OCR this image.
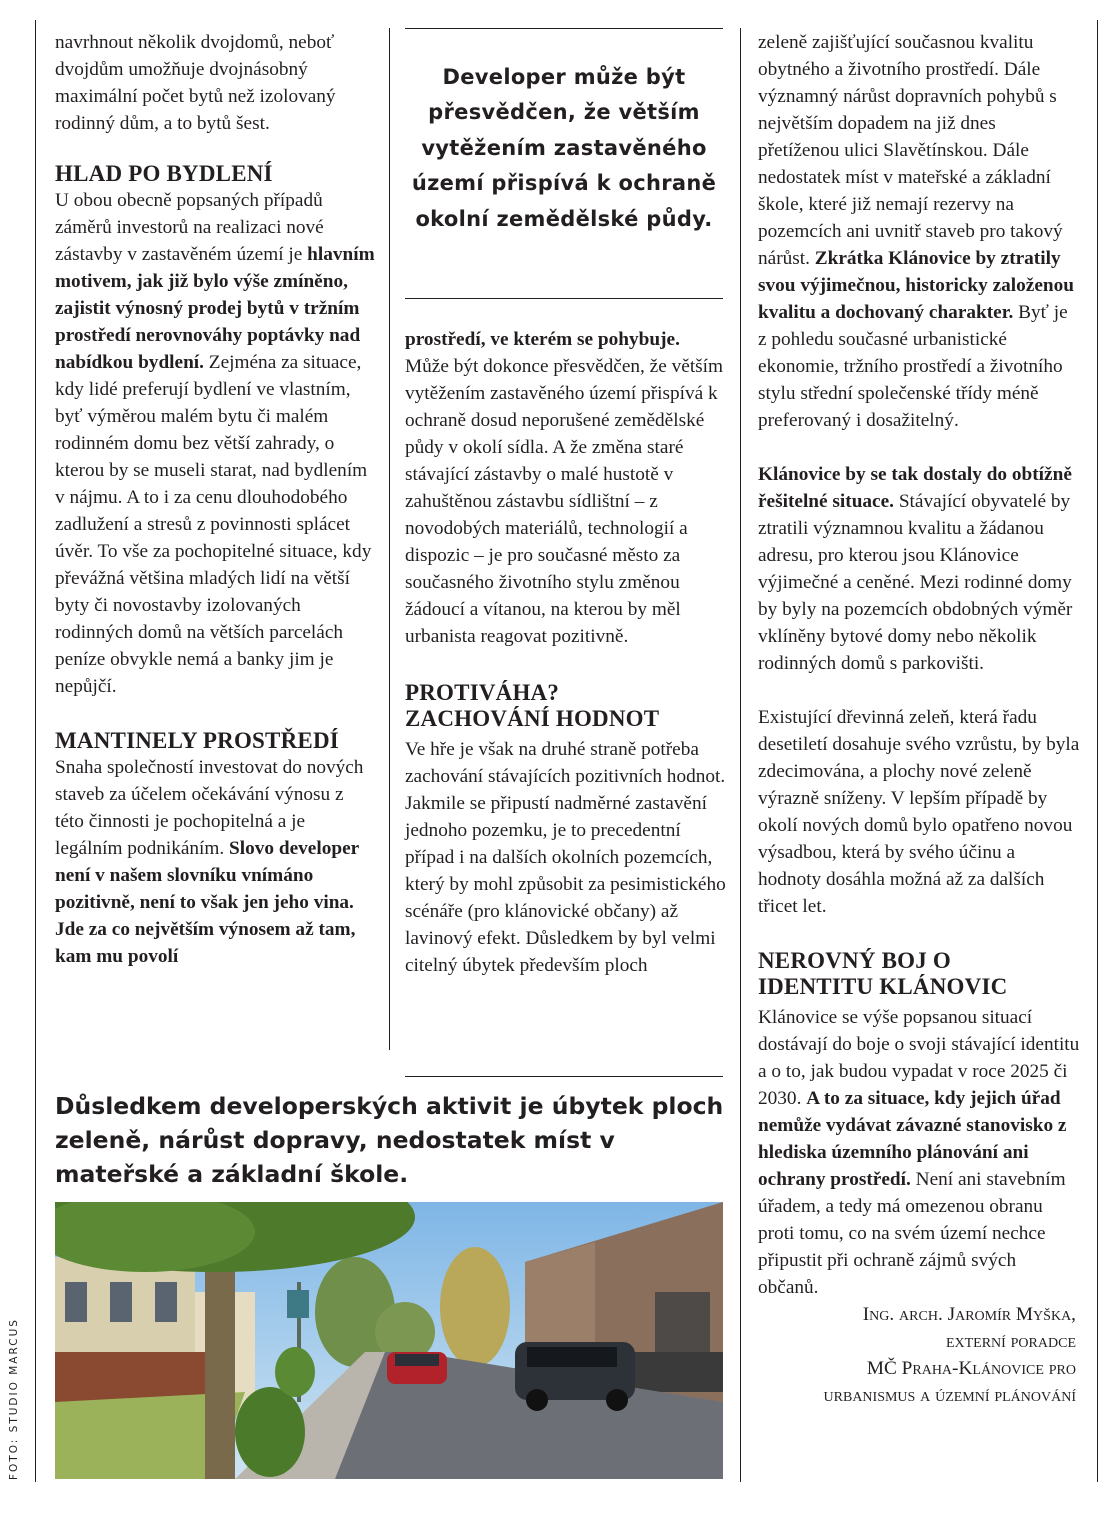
navrhnout několik dvojdomů, neboť dvojdům umožňuje dvojnásobný maximální počet bytů než izolovaný rodinný dům, a to bytů šest.

HLAD PO BYDLENÍ

U obou obecně popsaných případů záměrů investorů na realizaci nové zástavby v zastavěném území je hlavním motivem, jak již bylo výše zmíněno, zajistit výnosný prodej bytů v tržním prostředí nerovnováhy poptávky nad nabídkou bydlení. Zejména za situace, kdy lidé preferují bydlení ve vlastním, byť výměrou malém bytu či malém rodinném domu bez větší zahrady, o kterou by se museli starat, nad bydlením v nájmu. A to i za cenu dlouhodobého zadlužení a stresů z povinnosti splácet úvěr. To vše za pochopitelné situace, kdy převážná většina mladých lidí na větší byty či novostavby izolovaných rodinných domů na větších parcelách peníze obvykle nemá a banky jim je nepůjčí.

MANTINELY PROSTŘEDÍ

Snaha společností investovat do nových staveb za účelem očekávání výnosu z této činnosti je pochopitelná a je legálním podnikáním. Slovo developer není v našem slovníku vnímáno pozitivně, není to však jen jeho vina. Jde za co největším výnosem až tam, kam mu povolí

Developer může být přesvědčen, že větším vytěžením zastavěného území přispívá k ochraně okolní zemědělské půdy.

prostředí, ve kterém se pohybuje. Může být dokonce přesvědčen, že větším vytěžením zastavěného území přispívá k ochraně dosud neporušené zemědělské půdy v okolí sídla. A že změna staré stávající zástavby o malé hustotě v zahuštěnou zástavbu sídlištní – z novodobých materiálů, technologií a dispozic – je pro současné město za současného životního stylu změnou žádoucí a vítanou, na kterou by měl urbanista reagovat pozitivně.

PROTIVÁHA? ZACHOVÁNÍ HODNOT

Ve hře je však na druhé straně potřeba zachování stávajících pozitivních hodnot. Jakmile se připustí nadměrné zastavění jednoho pozemku, je to precedentní případ i na dalších okolních pozemcích, který by mohl způsobit za pesimistického scénáře (pro klánovické občany) až lavinový efekt. Důsledkem by byl velmi citelný úbytek především ploch

zeleně zajišťující současnou kvalitu obytného a životního prostředí. Dále významný nárůst dopravních pohybů s největším dopadem na již dnes přetíženou ulici Slavětínskou. Dále nedostatek míst v mateřské a základní škole, které již nemají rezervy na pozemcích ani uvnitř staveb pro takový nárůst. Zkrátka Klánovice by ztratily svou výjimečnou, historicky založenou kvalitu a dochovaný charakter. Byť je z pohledu současné urbanistické ekonomie, tržního prostředí a životního stylu střední společenské třídy méně preferovaný i dosažitelný.

Klánovice by se tak dostaly do obtížně řešitelné situace. Stávající obyvatelé by ztratili významnou kvalitu a žádanou adresu, pro kterou jsou Klánovice výjimečné a ceněné. Mezi rodinné domy by byly na pozemcích obdobných výměr vklíněny bytové domy nebo několik rodinných domů s parkovišti.

Existující dřevinná zeleň, která řadu desetiletí dosahuje svého vzrůstu, by byla zdecimována, a plochy nové zeleně výrazně sníženy. V lepším případě by okolí nových domů bylo opatřeno novou výsadbou, která by svého účinu a hodnoty dosáhla možná až za dalších třicet let.

NEROVNÝ BOJ O IDENTITU KLÁNOVIC

Klánovice se výše popsanou situací dostávají do boje o svoji stávající identitu a o to, jak budou vypadat v roce 2025 či 2030. A to za situace, kdy jejich úřad nemůže vydávat závazné stanovisko z hlediska územního plánování ani ochrany prostředí. Není ani stavebním úřadem, a tedy má omezenou obranu proti tomu, co na svém území nechce připustit při ochraně zájmů svých občanů.

Ing. arch. Jaromír Myška,
externí poradce
MČ Praha-Klánovice pro
urbanismus a územní plánování
Důsledkem developerských aktivit je úbytek ploch zeleně, nárůst dopravy, nedostatek míst v mateřské a základní škole.
FOTO: STUDIO MARCUS
